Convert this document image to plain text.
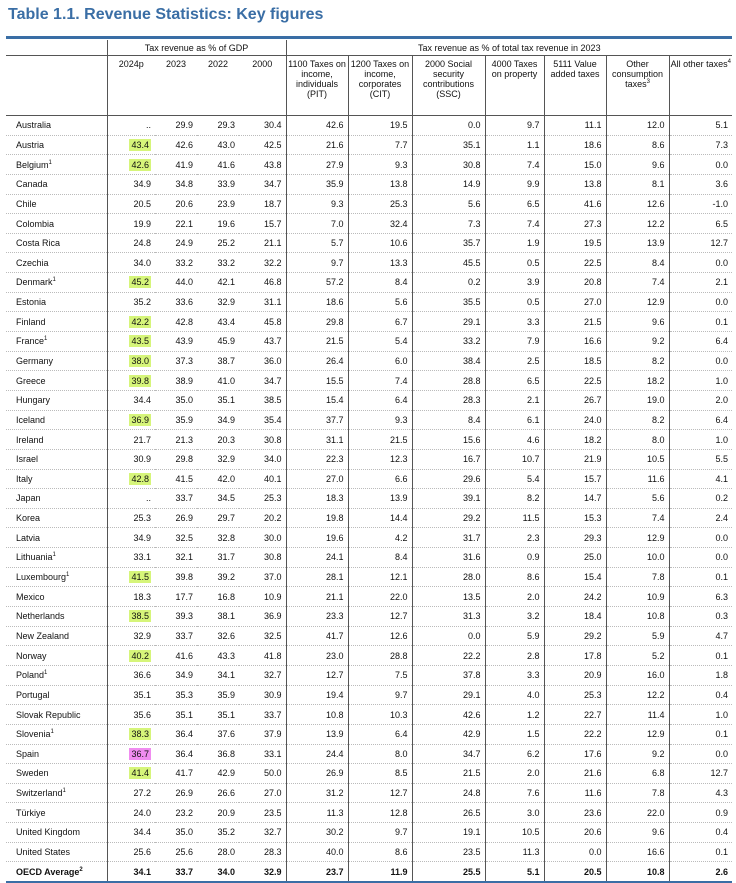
Table 1.1. Revenue Statistics: Key figures
	Tax revenue as % of GDP				Tax revenue as % of total tax revenue in 2023						
	2024p	2023	2022	2000	1100 Taxes on income, individuals (PIT)	1200 Taxes on income, corporates (CIT)	2000 Social security contributions (SSC)	4000 Taxes on property	5111 Value added taxes	Other consumption taxes$^3$	All other taxes$^4$
Australia	..	29.9	29.3	30.4	42.6	19.5	0.0	9.7	11.1	12.0	5.1
Austria	43.4	42.6	43.0	42.5	21.6	7.7	35.1	1.1	18.6	8.6	7.3
Belgium$^1$	42.6	41.9	41.6	43.8	27.9	9.3	30.8	7.4	15.0	9.6	0.0
Canada	34.9	34.8	33.9	34.7	35.9	13.8	14.9	9.9	13.8	8.1	3.6
Chile	20.5	20.6	23.9	18.7	9.3	25.3	5.6	6.5	41.6	12.6	-1.0
Colombia	19.9	22.1	19.6	15.7	7.0	32.4	7.3	7.4	27.3	12.2	6.5
Costa Rica	24.8	24.9	25.2	21.1	5.7	10.6	35.7	1.9	19.5	13.9	12.7
Czechia	34.0	33.2	33.2	32.2	9.7	13.3	45.5	0.5	22.5	8.4	0.0
Denmark$^1$	45.2	44.0	42.1	46.8	57.2	8.4	0.2	3.9	20.8	7.4	2.1
Estonia	35.2	33.6	32.9	31.1	18.6	5.6	35.5	0.5	27.0	12.9	0.0
Finland	42.2	42.8	43.4	45.8	29.8	6.7	29.1	3.3	21.5	9.6	0.1
France$^1$	43.5	43.9	45.9	43.7	21.5	5.4	33.2	7.9	16.6	9.2	6.4
Germany	38.0	37.3	38.7	36.0	26.4	6.0	38.4	2.5	18.5	8.2	0.0
Greece	39.8	38.9	41.0	34.7	15.5	7.4	28.8	6.5	22.5	18.2	1.0
Hungary	34.4	35.0	35.1	38.5	15.4	6.4	28.3	2.1	26.7	19.0	2.0
Iceland	36.9	35.9	34.9	35.4	37.7	9.3	8.4	6.1	24.0	8.2	6.4
Ireland	21.7	21.3	20.3	30.8	31.1	21.5	15.6	4.6	18.2	8.0	1.0
Israel	30.9	29.8	32.9	34.0	22.3	12.3	16.7	10.7	21.9	10.5	5.5
Italy	42.8	41.5	42.0	40.1	27.0	6.6	29.6	5.4	15.7	11.6	4.1
Japan	..	33.7	34.5	25.3	18.3	13.9	39.1	8.2	14.7	5.6	0.2
Korea	25.3	26.9	29.7	20.2	19.8	14.4	29.2	11.5	15.3	7.4	2.4
Latvia	34.9	32.5	32.8	30.0	19.6	4.2	31.7	2.3	29.3	12.9	0.0
Lithuania$^1$	33.1	32.1	31.7	30.8	24.1	8.4	31.6	0.9	25.0	10.0	0.0
Luxembourg$^1$	41.5	39.8	39.2	37.0	28.1	12.1	28.0	8.6	15.4	7.8	0.1
Mexico	18.3	17.7	16.8	10.9	21.1	22.0	13.5	2.0	24.2	10.9	6.3
Netherlands	38.5	39.3	38.1	36.9	23.3	12.7	31.3	3.2	18.4	10.8	0.3
New Zealand	32.9	33.7	32.6	32.5	41.7	12.6	0.0	5.9	29.2	5.9	4.7
Norway	40.2	41.6	43.3	41.8	23.0	28.8	22.2	2.8	17.8	5.2	0.1
Poland$^1$	36.6	34.9	34.1	32.7	12.7	7.5	37.8	3.3	20.9	16.0	1.8
Portugal	35.1	35.3	35.9	30.9	19.4	9.7	29.1	4.0	25.3	12.2	0.4
Slovak Republic	35.6	35.1	35.1	33.7	10.8	10.3	42.6	1.2	22.7	11.4	1.0
Slovenia$^1$	38.3	36.4	37.6	37.9	13.9	6.4	42.9	1.5	22.2	12.9	0.1
Spain	36.7	36.4	36.8	33.1	24.4	8.0	34.7	6.2	17.6	9.2	0.0
Sweden	41.4	41.7	42.9	50.0	26.9	8.5	21.5	2.0	21.6	6.8	12.7
Switzerland$^1$	27.2	26.9	26.6	27.0	31.2	12.7	24.8	7.6	11.6	7.8	4.3
Türkiye	24.0	23.2	20.9	23.5	11.3	12.8	26.5	3.0	23.6	22.0	0.9
United Kingdom	34.4	35.0	35.2	32.7	30.2	9.7	19.1	10.5	20.6	9.6	0.4
United States	25.6	25.6	28.0	28.3	40.0	8.6	23.5	11.3	0.0	16.6	0.1
OECD Average$^2$	34.1	33.7	34.0	32.9	23.7	11.9	25.5	5.1	20.5	10.8	2.6
